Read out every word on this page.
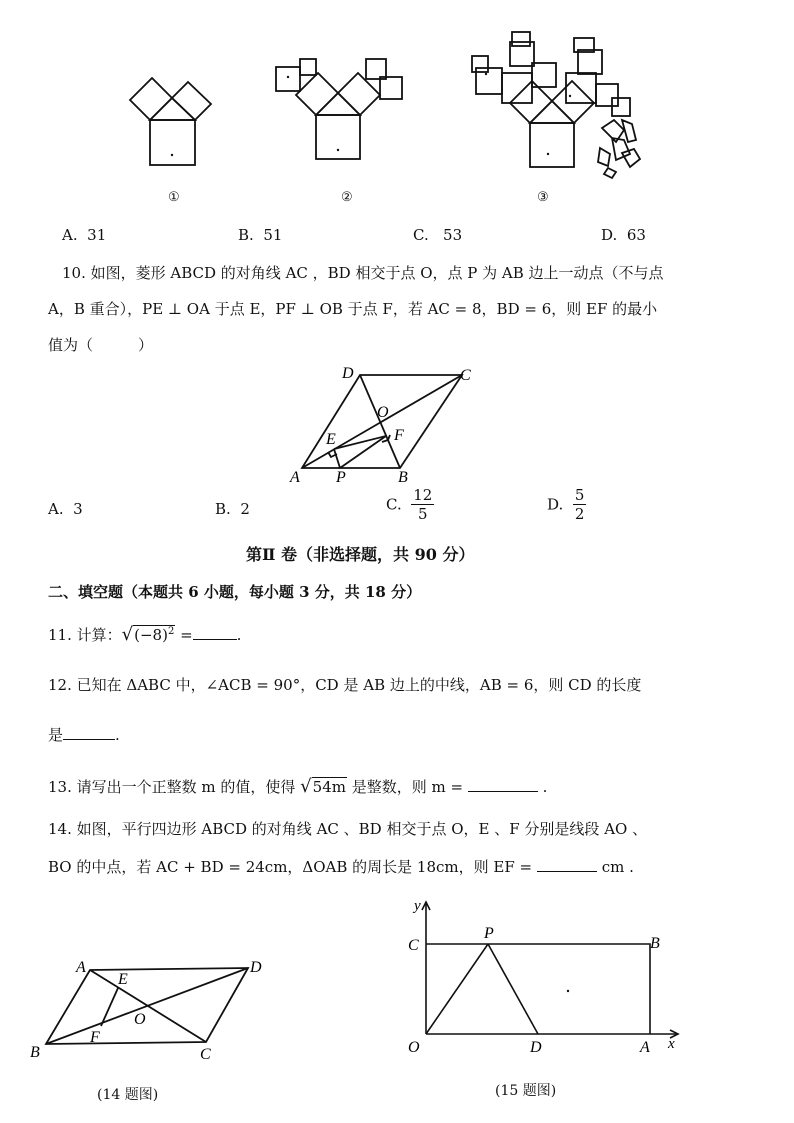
①	②	③
A. 31	B. 51	C. 53	D. 63
10. 如图，菱形 ABCD 的对角线 AC ，BD 相交于点 O，点 P 为 AB 边上一动点（不与点
A，B 重合），PE ⊥ OA 于点 E，PF ⊥ OB 于点 F，若 AC = 8，BD = 6，则 EF 的最小
值为（　　　）
D	C
O
E	F
A P	B
A. 3	B. 2	C. $\frac{12}{5}$	D. $\frac{5}{2}$
第Ⅱ 卷（非选择题，共 90 分）
二、填空题（本题共 6 小题，每小题 3 分，共 18 分）
11. 计算：$√(-8)^2$ =	.
12. 已知在 ΔABC 中，∠ACB = 90°，CD 是 AB 边上的中线，AB = 6，则 CD 的长度
是	.
13. 请写出一个正整数 m 的值，使得 √54m 是整数，则 m =	.
14. 如图，平行四边形 ABCD 的对角线 AC 、BD 相交于点 O，E 、F 分别是线段 AO 、
BO 的中点，若 AC + BD = 24cm，ΔOAB 的周长是 18cm，则 EF =	cm .
A	D
E
O
F
B	C
(14 题图)
y
C
P
B
O	D	A x
(15 题图)
